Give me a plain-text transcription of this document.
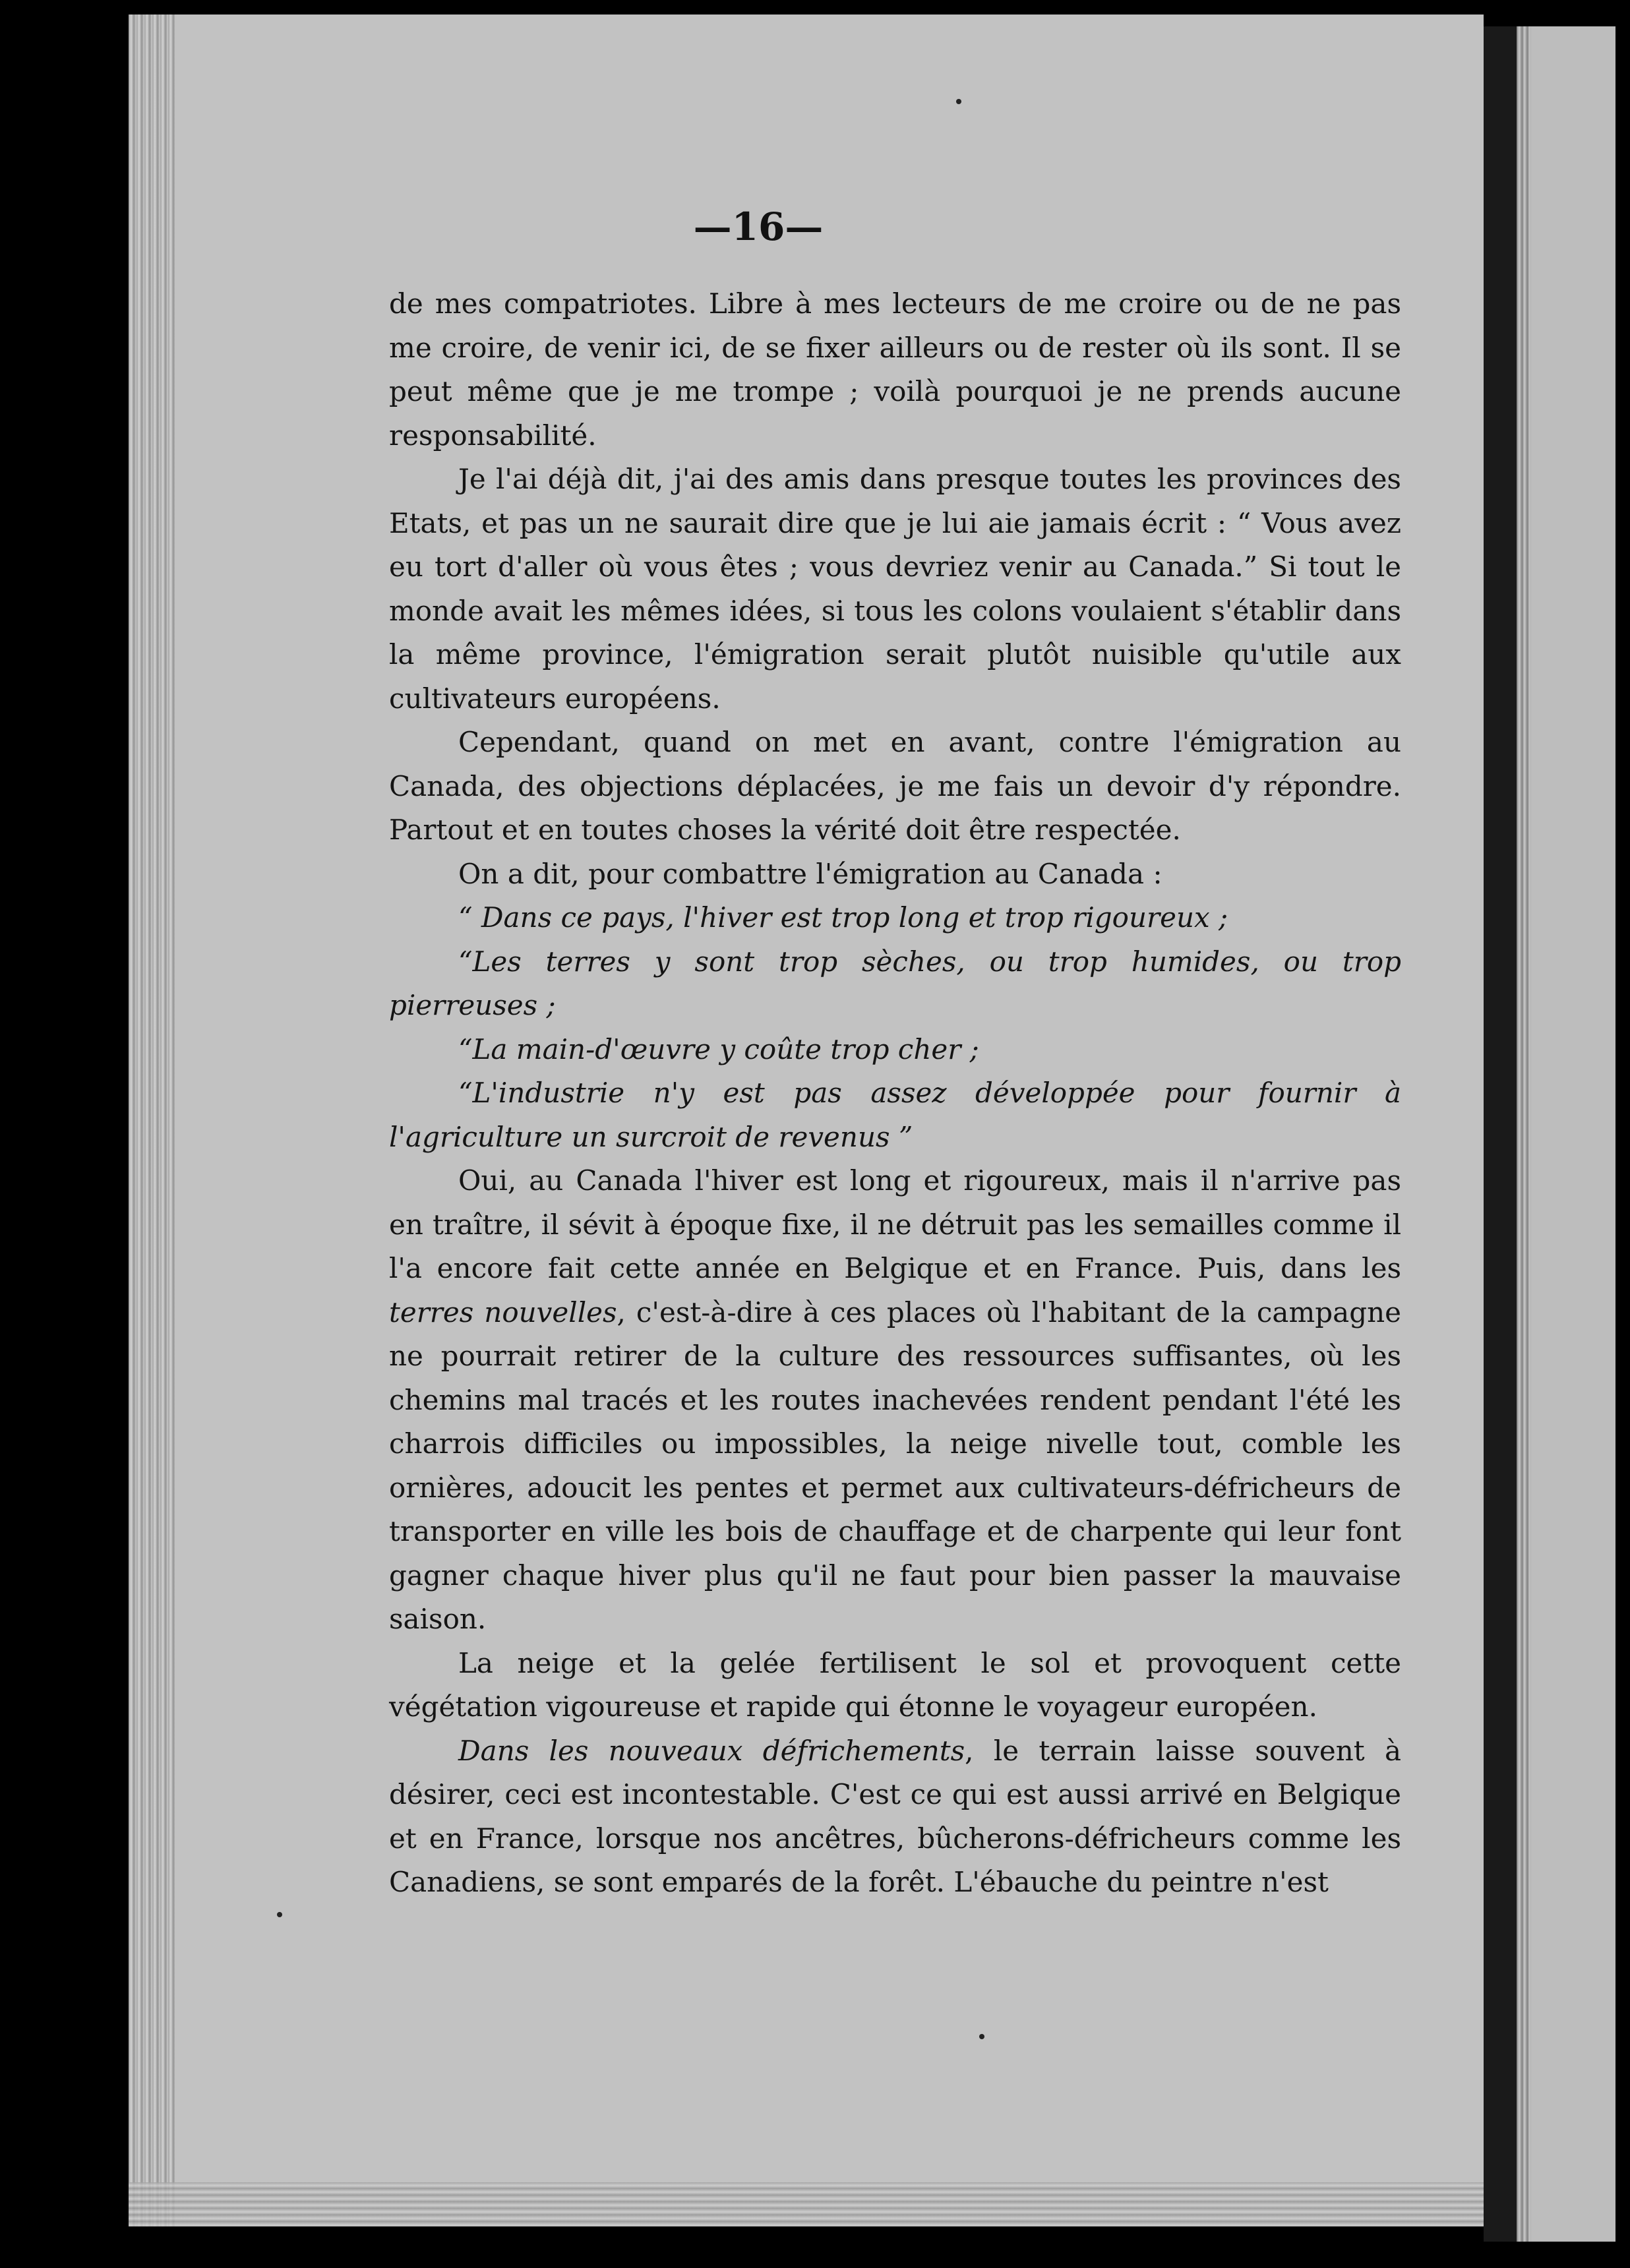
—16—

de mes compatriotes. Libre à mes lecteurs de me croire ou de ne pas me croire, de venir ici, de se fixer ailleurs ou de rester où ils sont. Il se peut même que je me trompe ; voilà pourquoi je ne prends aucune responsabilité.

Je l'ai déjà dit, j'ai des amis dans presque toutes les provinces des Etats, et pas un ne saurait dire que je lui aie jamais écrit : “ Vous avez eu tort d'aller où vous êtes ; vous devriez venir au Canada.” Si tout le monde avait les mêmes idées, si tous les colons voulaient s'établir dans la même province, l'émigration serait plutôt nuisible qu'utile aux cultivateurs européens.

Cependant, quand on met en avant, contre l'émigration au Canada, des objections déplacées, je me fais un devoir d'y répondre. Partout et en toutes choses la vérité doit être respectée.

On a dit, pour combattre l'émigration au Canada :

“ Dans ce pays, l'hiver est trop long et trop rigoureux ;

“Les terres y sont trop sèches, ou trop humides, ou trop pierreuses ;

“La main-d'œuvre y coûte trop cher ;

“L'industrie n'y est pas assez développée pour fournir à l'agriculture un surcroit de revenus ”

Oui, au Canada l'hiver est long et rigoureux, mais il n'arrive pas en traître, il sévit à époque fixe, il ne détruit pas les semailles comme il l'a encore fait cette année en Belgique et en France. Puis, dans les terres nouvelles, c'est-à-dire à ces places où l'habitant de la campagne ne pourrait retirer de la culture des ressources suffisantes, où les chemins mal tracés et les routes inachevées rendent pendant l'été les charrois difficiles ou impossibles, la neige nivelle tout, comble les ornières, adoucit les pentes et permet aux cultivateurs-défricheurs de transporter en ville les bois de chauffage et de charpente qui leur font gagner chaque hiver plus qu'il ne faut pour bien passer la mauvaise saison.

La neige et la gelée fertilisent le sol et provoquent cette végétation vigoureuse et rapide qui étonne le voyageur européen.

Dans les nouveaux défrichements, le terrain laisse souvent à désirer, ceci est incontestable. C'est ce qui est aussi arrivé en Belgique et en France, lorsque nos ancêtres, bûcherons-défricheurs comme les Canadiens, se sont emparés de la forêt. L'ébauche du peintre n'est
